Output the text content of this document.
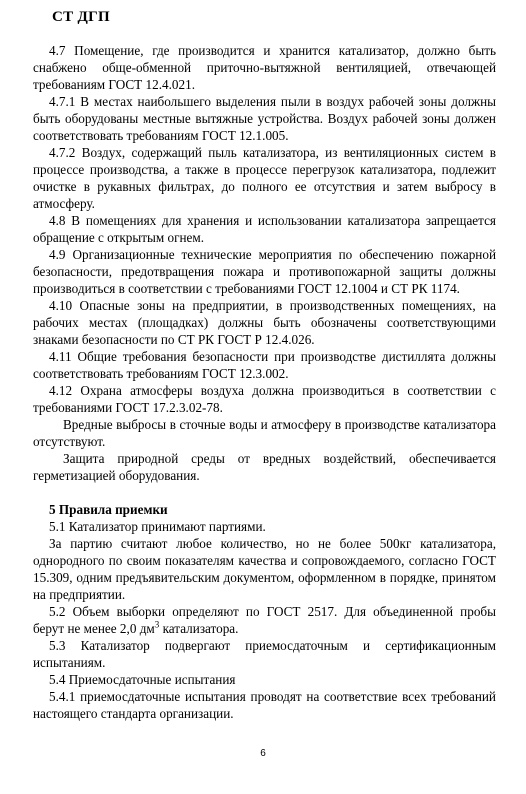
СТ ДГП

4.7 Помещение, где производится и хранится катализатор, должно быть снабжено обще-обменной приточно-вытяжной вентиляцией, отвечающей требованиям ГОСТ 12.4.021.

4.7.1 В местах наибольшего выделения пыли в воздух рабочей зоны должны быть оборудованы местные вытяжные устройства. Воздух рабочей зоны должен соответствовать требованиям ГОСТ 12.1.005.

4.7.2 Воздух, содержащий пыль катализатора, из вентиляционных систем в процессе производства, а также в процессе перегрузок катализатора, подлежит очистке в рукавных фильтрах, до полного ее отсутствия и затем выбросу в атмосферу.

4.8 В помещениях для хранения и использовании катализатора запрещается обращение с открытым огнем.

4.9 Организационные технические мероприятия по обеспечению пожарной безопасности, предотвращения пожара и противопожарной защиты должны производиться в соответствии с требованиями ГОСТ 12.1004 и СТ РК 1174.

4.10 Опасные зоны на предприятии, в производственных помещениях, на рабочих местах (площадках) должны быть обозначены соответствующими знаками безопасности по СТ РК ГОСТ Р 12.4.026.

4.11 Общие требования безопасности при производстве дистиллята должны соответствовать требованиям ГОСТ 12.3.002.

4.12 Охрана атмосферы воздуха должна производиться в соответствии с требованиями ГОСТ 17.2.3.02-78.

Вредные выбросы в сточные воды и атмосферу в производстве катализатора отсутствуют.

Защита природной среды от вредных воздействий, обеспечивается герметизацией оборудования.

5 Правила приемки

5.1 Катализатор принимают партиями.

За партию считают любое количество, но не более 500кг катализатора, однородного по своим показателям качества и сопровождаемого, согласно ГОСТ 15.309, одним предъявительским документом, оформленном в порядке, принятом на предприятии.

5.2 Объем выборки определяют по ГОСТ 2517. Для объединенной пробы берут не менее 2,0 $дм^3$ катализатора.

5.3 Катализатор подвергают приемосдаточным и сертификационным испытаниям.

5.4 Приемосдаточные испытания

5.4.1 приемосдаточные испытания проводят на соответствие всех требований настоящего стандарта организации.

6
